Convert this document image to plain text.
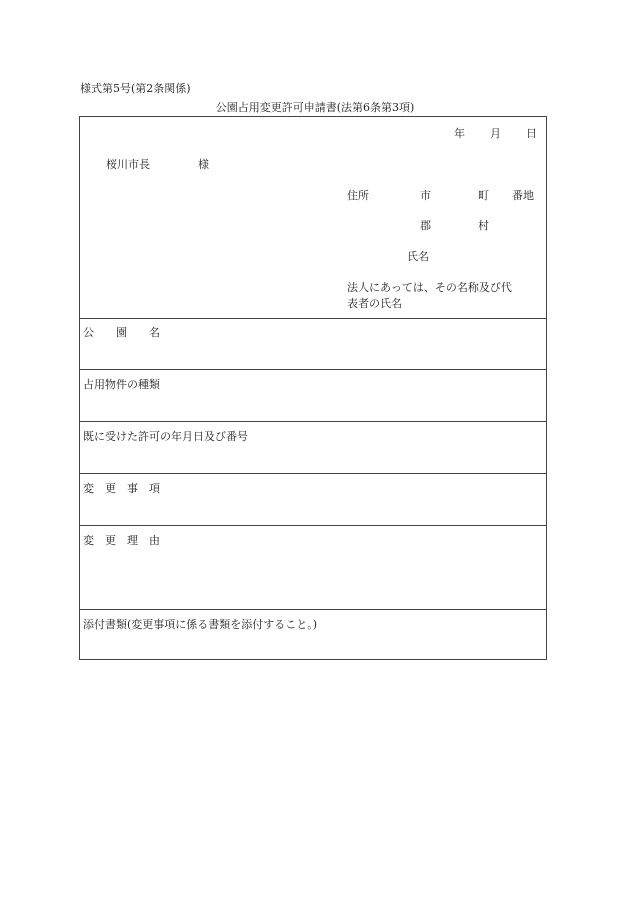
様式第5号(第2条関係)
公園占用変更許可申請書(法第6条第3項)
年 月 日
桜川市長	様
住所	市	町 番地
郡	村
氏名
法人にあっては、その名称及び代
表者の氏名
公　　園　　名
占用物件の種類
既に受けた許可の年月日及び番号
変　更　事　項
変　更　理　由
添付書類(変更事項に係る書類を添付すること。)
